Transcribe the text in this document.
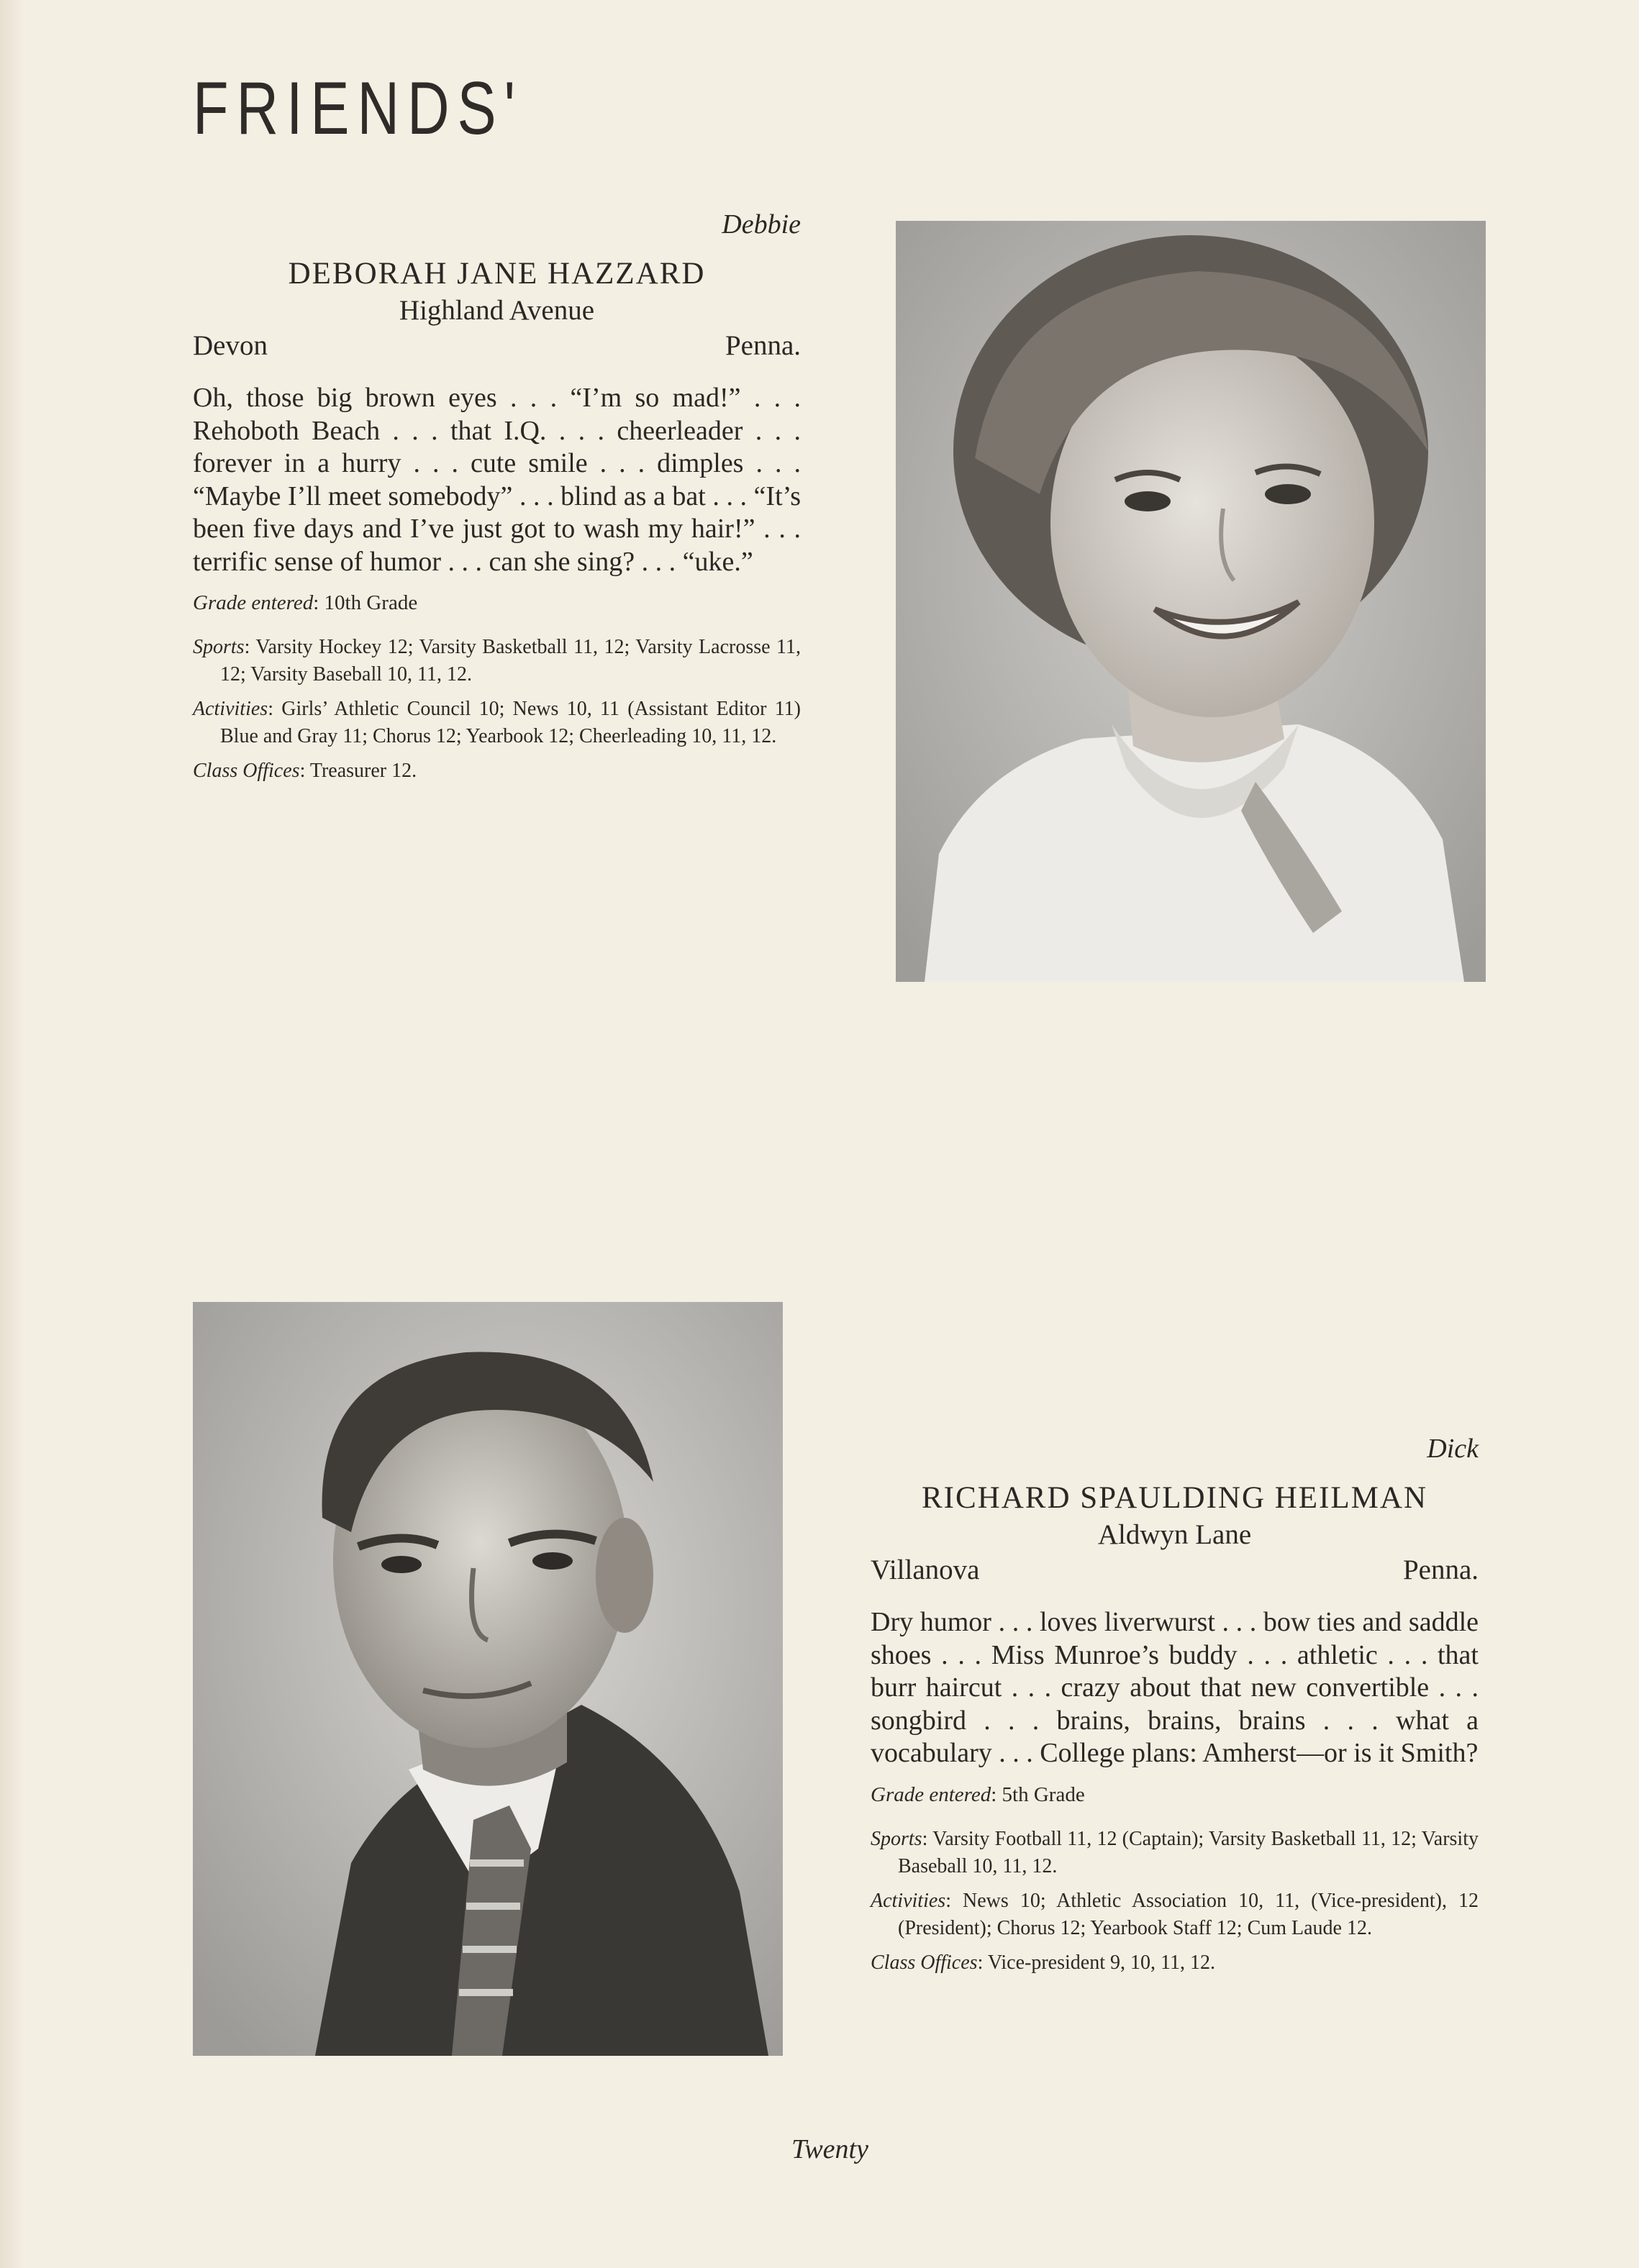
FRIENDS'
Debbie
DEBORAH JANE HAZZARD
Highland Avenue
Devon	Penna.
Oh, those big brown eyes . . . “I’m so mad!” . . . Rehoboth Beach . . . that I.Q. . . . cheerleader . . . forever in a hurry . . . cute smile . . . dimples . . . “Maybe I’ll meet somebody” . . . blind as a bat . . . “It’s been five days and I’ve just got to wash my hair!” . . . terrific sense of humor . . . can she sing? . . . “uke.”
Grade entered: 10th Grade
Sports: Varsity Hockey 12; Varsity Basketball 11, 12; Varsity Lacrosse 11, 12; Varsity Baseball 10, 11, 12.
Activities: Girls’ Athletic Council 10; News 10, 11 (Assistant Editor 11) Blue and Gray 11; Chorus 12; Yearbook 12; Cheerleading 10, 11, 12.
Class Offices: Treasurer 12.
Dick
RICHARD SPAULDING HEILMAN
Aldwyn Lane
Villanova	Penna.
Dry humor . . . loves liverwurst . . . bow ties and saddle shoes . . . Miss Munroe’s buddy . . . athletic . . . that burr haircut . . . crazy about that new convertible . . . songbird . . . brains, brains, brains . . . what a vocabulary . . . College plans: Amherst—or is it Smith?
Grade entered: 5th Grade
Sports: Varsity Football 11, 12 (Captain); Varsity Basketball 11, 12; Varsity Baseball 10, 11, 12.
Activities: News 10; Athletic Association 10, 11, (Vice-president), 12 (President); Chorus 12; Yearbook Staff 12; Cum Laude 12.
Class Offices: Vice-president 9, 10, 11, 12.
Twenty
